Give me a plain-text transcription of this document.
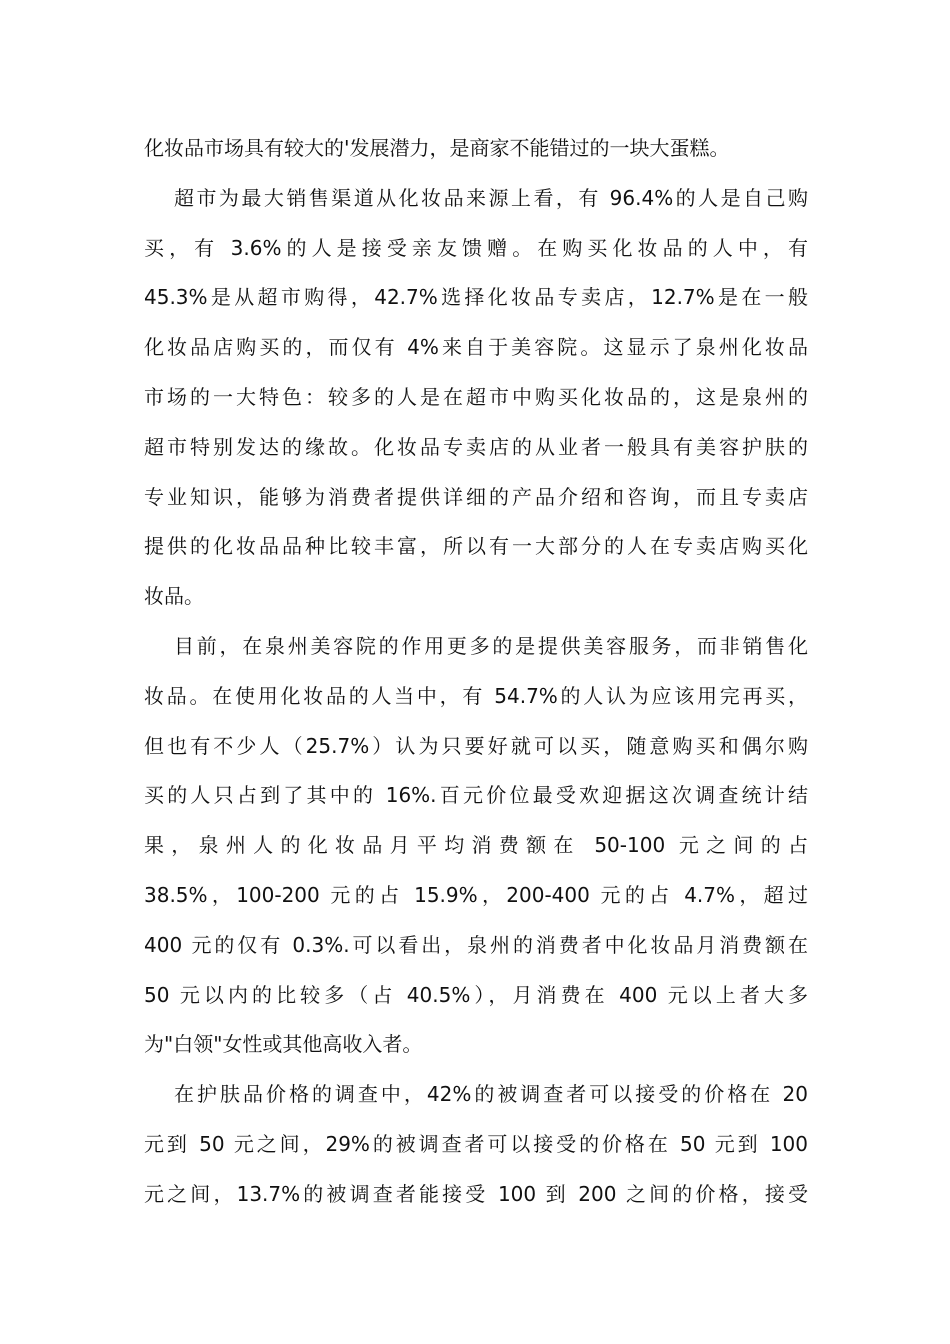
化妆品市场具有较大的'发展潜力，是商家不能错过的一块大蛋糕。
超市为最大销售渠道从化妆品来源上看，有 96.4%的人是自己购
买，有 3.6%的人是接受亲友馈赠。在购买化妆品的人中，有
45.3%是从超市购得，42.7%选择化妆品专卖店，12.7%是在一般
化妆品店购买的，而仅有 4%来自于美容院。这显示了泉州化妆品
市场的一大特色：较多的人是在超市中购买化妆品的，这是泉州的
超市特别发达的缘故。化妆品专卖店的从业者一般具有美容护肤的
专业知识，能够为消费者提供详细的产品介绍和咨询，而且专卖店
提供的化妆品品种比较丰富，所以有一大部分的人在专卖店购买化
妆品。
目前，在泉州美容院的作用更多的是提供美容服务，而非销售化
妆品。在使用化妆品的人当中，有 54.7%的人认为应该用完再买，
但也有不少人（25.7%）认为只要好就可以买，随意购买和偶尔购
买的人只占到了其中的 16%.百元价位最受欢迎据这次调查统计结
果，泉州人的化妆品月平均消费额在 50-100 元之间的占
38.5%，100-200 元的占 15.9%，200-400 元的占 4.7%，超过
400 元的仅有 0.3%.可以看出，泉州的消费者中化妆品月消费额在
50 元以内的比较多（占 40.5%），月消费在 400 元以上者大多
为"白领"女性或其他高收入者。
在护肤品价格的调查中，42%的被调查者可以接受的价格在 20
元到 50 元之间，29%的被调查者可以接受的价格在 50 元到 100
元之间，13.7%的被调查者能接受 100 到 200 之间的价格，接受
